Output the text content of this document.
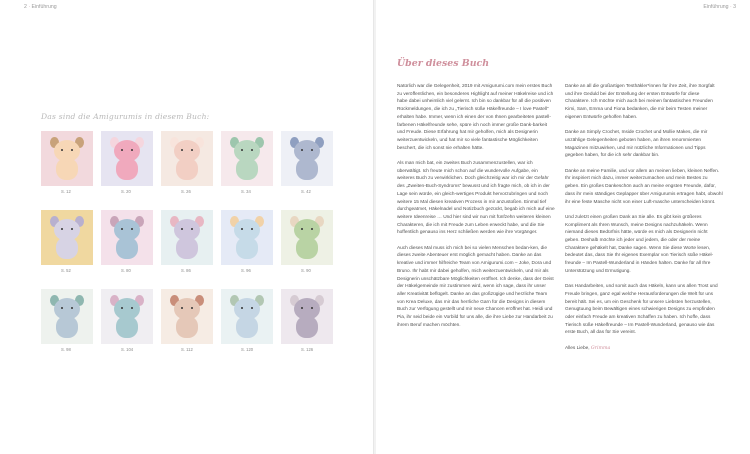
2 · Einführung
Das sind die Amigurumis in diesem Buch:
S. 12	S. 20	S. 26	S. 34	S. 42
S. 52	S. 80	S. 86	S. 96	S. 90
S. 98	S. 104	S. 112	S. 120	S. 126
Einführung · 3
Über dieses Buch

Natürlich war die Gelegenheit, 2019 mit Amigurumi.com mein erstes Buch zu veröffentlichen, ein besonderes Highlight auf meiner Häkelreise und ich habe dabei unheimlich viel gelernt. Ich bin so dankbar für all die positiven Rückmeldungen, die ich zu „Tierisch süße Häkelfreunde – I love Pastell“ erhalten habe. Immer, wenn ich einen der von Ihnen gearbeiteten pastell-farbenen Häkelfreunde sehe, spüre ich noch immer große Dank-barkeit und Freude. Diese Erfahrung hat mir geholfen, mich als Designerin weiterzuentwickeln, und hat mir so viele fantastische Möglichkeiten beschert, die ich sonst nie erhalten hätte.

Als man mich bat, ein zweites Buch zusammenzustellen, war ich überwältigt. Ich freute mich schon auf die wundervolle Aufgabe, ein weiteres Buch zu verwirklichen. Doch gleichzeitig war ich mir der Gefahr des „Zweiten-Buch-Syndroms“ bewusst und ich fragte mich, ob ich in der Lage sein würde, ein gleich-wertiges Produkt hervorzubringen und noch weitere 15 Mal diesen kreativen Prozess in mir anzustoßen. Einmal tief durchgeatmet, Häkelnadel und Notizbuch gezückt, begab ich mich auf eine weitere Ideenreise … Und hier sind wir nun mit fünfzehn weiteren kleinen Charakteren, die ich mit Freude zum Leben erweckt habe, und die Sie hoffentlich genauso ins Herz schließen werden wie ihre Vorgänger.

Auch dieses Mal muss ich mich bei so vielen Menschen bedan-ken, die dieses zweite Abenteuer erst möglich gemacht haben. Danke an das kreative und immer hilfreiche Team von Amigurumi.com – Joke, Dora und Bruno. Ihr habt mir dabei geholfen, mich weiterzuentwickeln, und mir als Designerin unschätzbare Möglichkeiten eröffnet. Ich denke, dass der Geist der Häkelgemeinde mir zustimmen wird, wenn ich sage, dass ihr unser aller Kreativität beflügelt. Danke an das großzügige und herzliche Team von Krea Deluxe, das mir das herrliche Garn für die Designs in diesem Buch zur Verfügung gestellt und mir neue Chancen eröffnet hat. Heidi und Pia, ihr seid beide ein Vorbild für uns alle, die ihre Liebe zur Handarbeit zu ihrem Beruf machen möchten.

Danke an all die großartigen Testhäkler*innen für ihre Zeit, ihre Sorgfalt und ihre Geduld bei der Erstellung der ersten Entwürfe für diese Charaktere. Ich möchte mich auch bei meinen fantastischen Freunden Kimi, Sam, Emma und Fiona bedanken, die mir beim Testen meiner eigenen Entwürfe geholfen haben.

Danke an Simply Crochet, Inside Crochet und Mollie Makes, die mir unzählige Gelegenheiten geboten haben, an ihren renommierten Magazinen mitzuwirken, und mir nützliche Informationen und Tipps gegeben haben, für die ich sehr dankbar bin.

Danke an meine Familie, und vor allem an meinen lieben, kleinen Neffen. Ihr inspiriert mich dazu, immer weiterzumachen und mein Bestes zu geben. Ein großes Dankeschön auch an meine engsten Freunde, dafür, dass ihr mein ständiges Geplapper über Amigurumis ertragen habt, obwohl ihr eine feste Masche nicht von einer Luft-masche unterscheiden könnt.

Und zuletzt einen großen Dank an Sie alle. Es gibt kein größeres Kompliment als Ihren Wunsch, meine Designs nachzuhäkeln. Wenn niemand dieses Bedürfnis hätte, würde es mich als Designerin nicht geben. Deshalb möchte ich jeder und jedem, die oder der meine Charaktere gehäkelt hat, Danke sagen. Wenn Sie diese Worte lesen, bedeutet das, dass Sie Ihr eigenes Exemplar von Tierisch süße Häkel-freunde – Im Pastell-Wunderland in Händen halten. Danke für all Ihre Unterstützung und Ermutigung.

Das Handarbeiten, und somit auch das Häkeln, kann uns allen Trost und Freude bringen, ganz egal welche Herausforderungen die Welt für uns bereit hält. Sei es, um ein Geschenk für unsere Liebsten herzustellen, Genugtuung beim Bewältigen eines schwierigen Designs zu empfinden oder einfach Freude am kreativen Schaffen zu haben. Ich hoffe, dass Tierisch süße Häkelfreunde – Im Pastell-Wunderland, genauso wie das erste Buch, all das für Sie vereint.

Alles Liebe, Grimma
